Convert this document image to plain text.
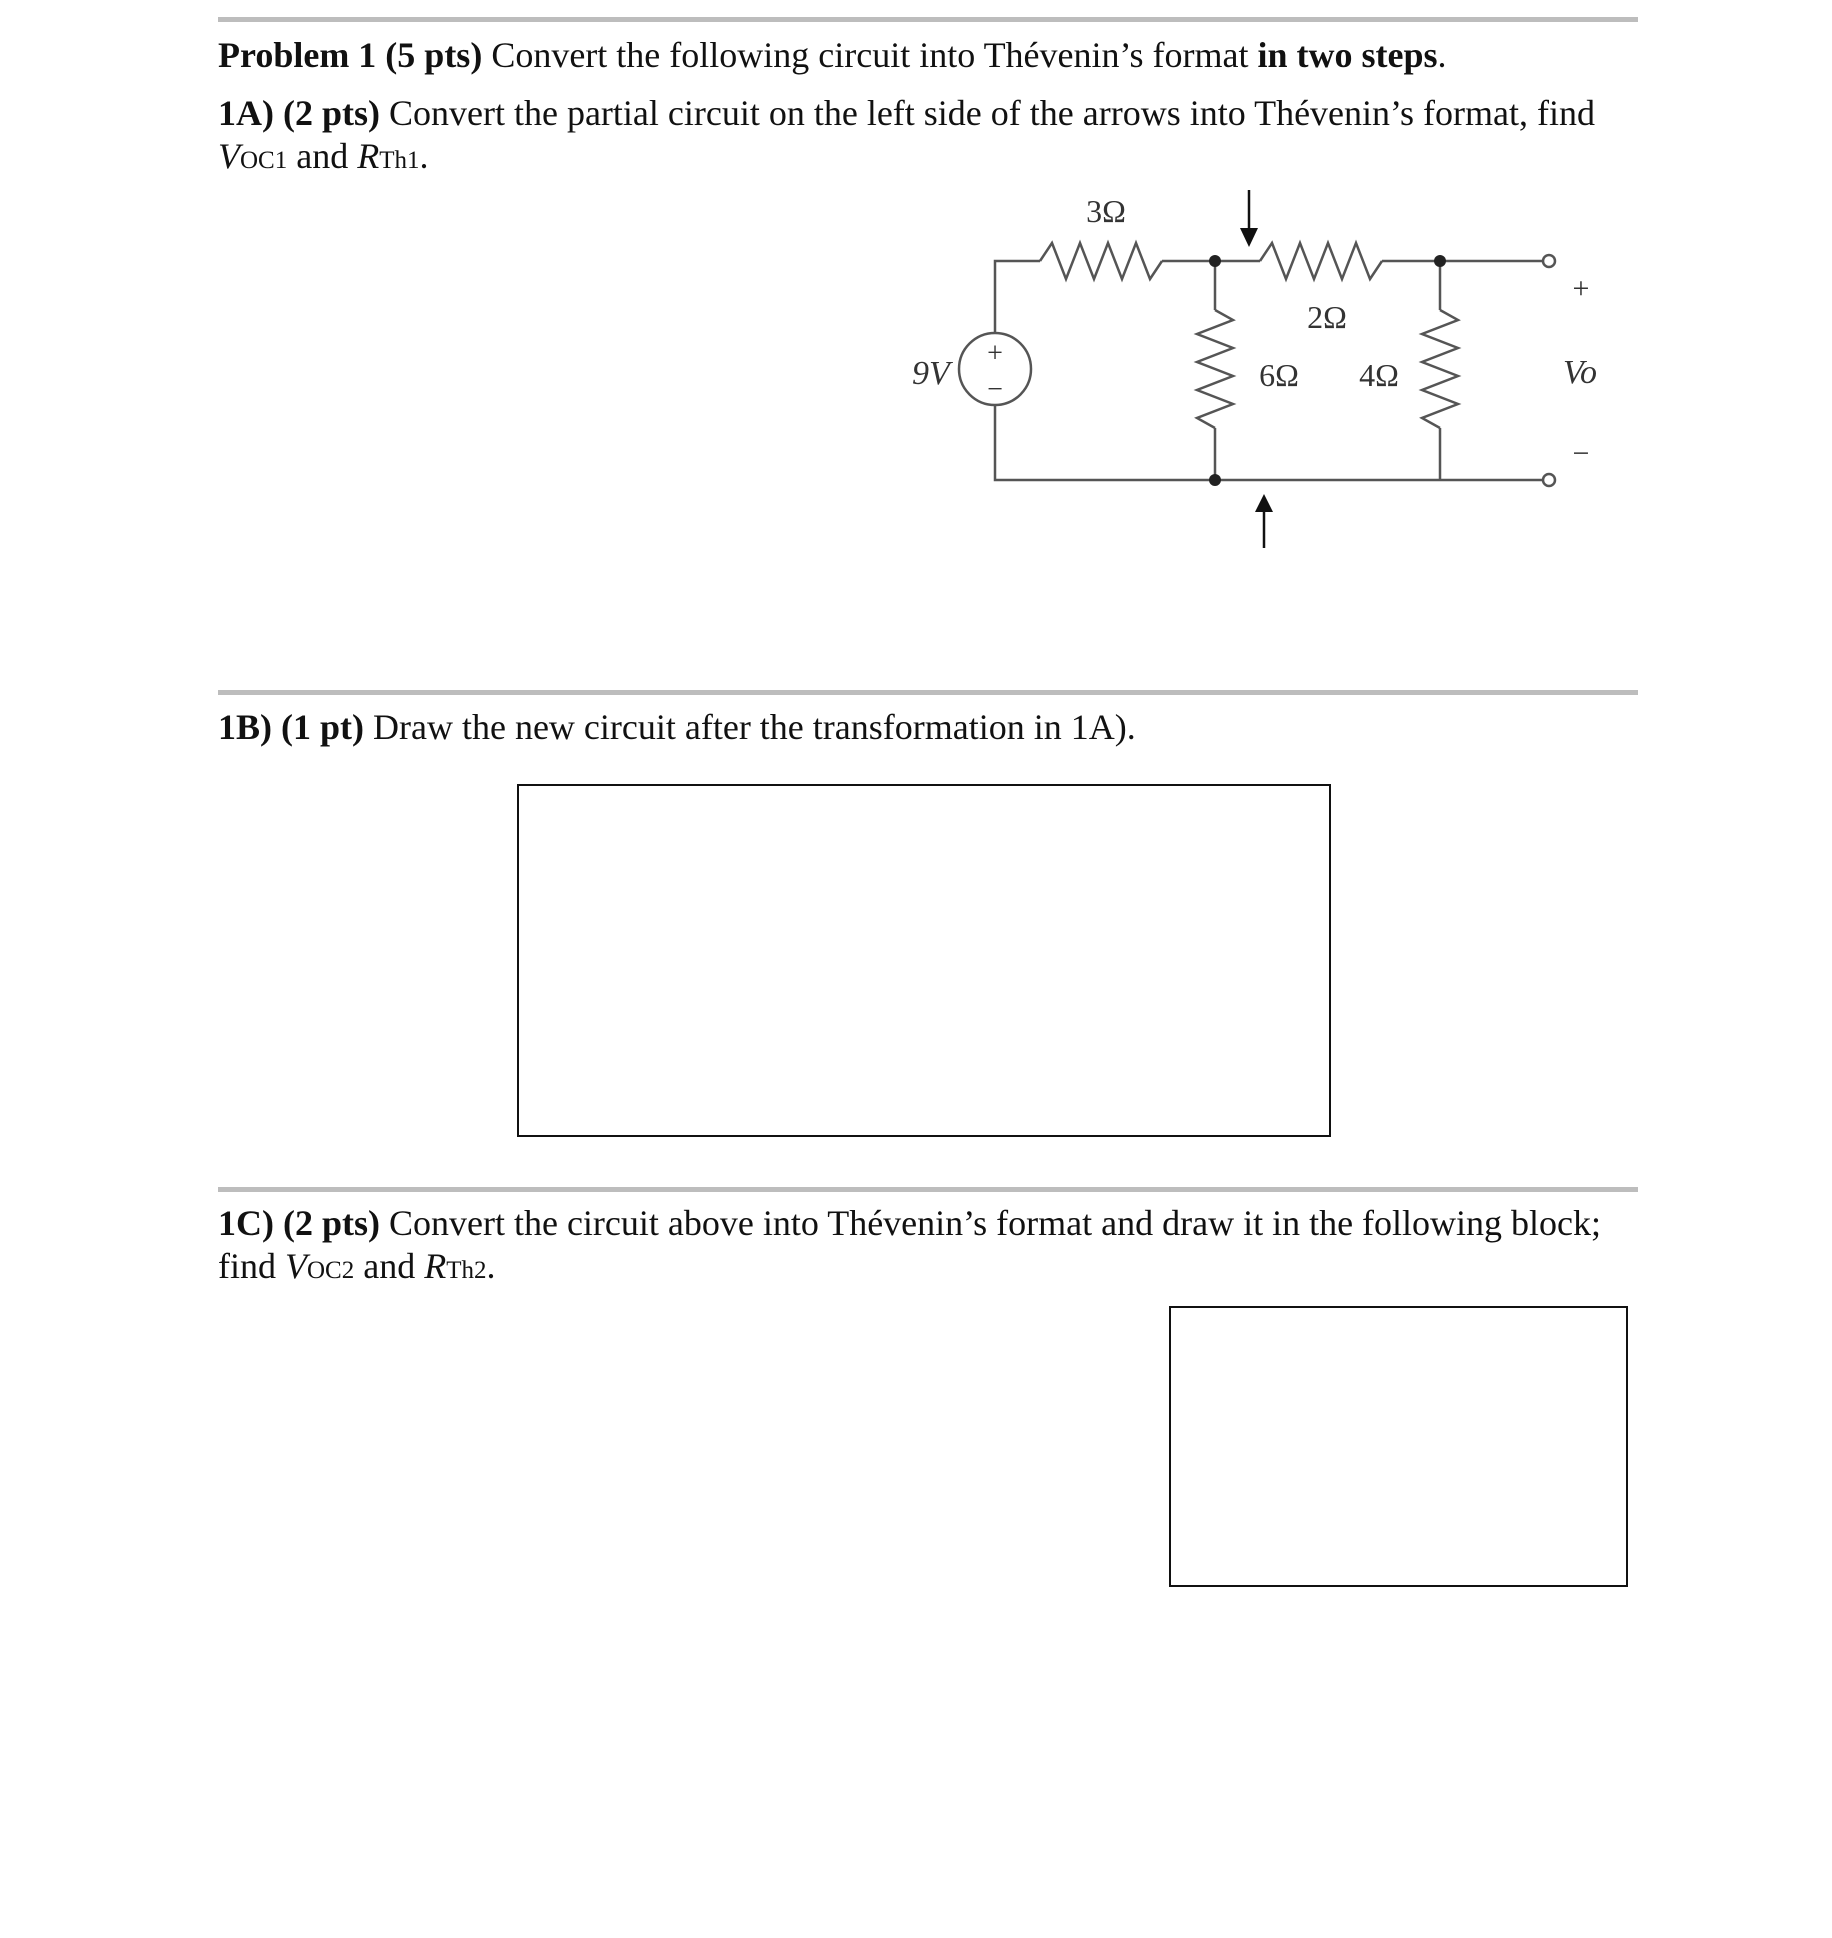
Problem 1 (5 pts) Convert the following circuit into Thévenin’s format in two steps.
1A) (2 pts) Convert the partial circuit on the left side of the arrows into Thévenin’s format, find
VOC1 and RTh1.
3Ω
2Ω
6Ω 4Ω
9V
+
−
+
−
Vo
1B) (1 pt) Draw the new circuit after the transformation in 1A).
1C) (2 pts) Convert the circuit above into Thévenin’s format and draw it in the following block;
find VOC2 and RTh2.
